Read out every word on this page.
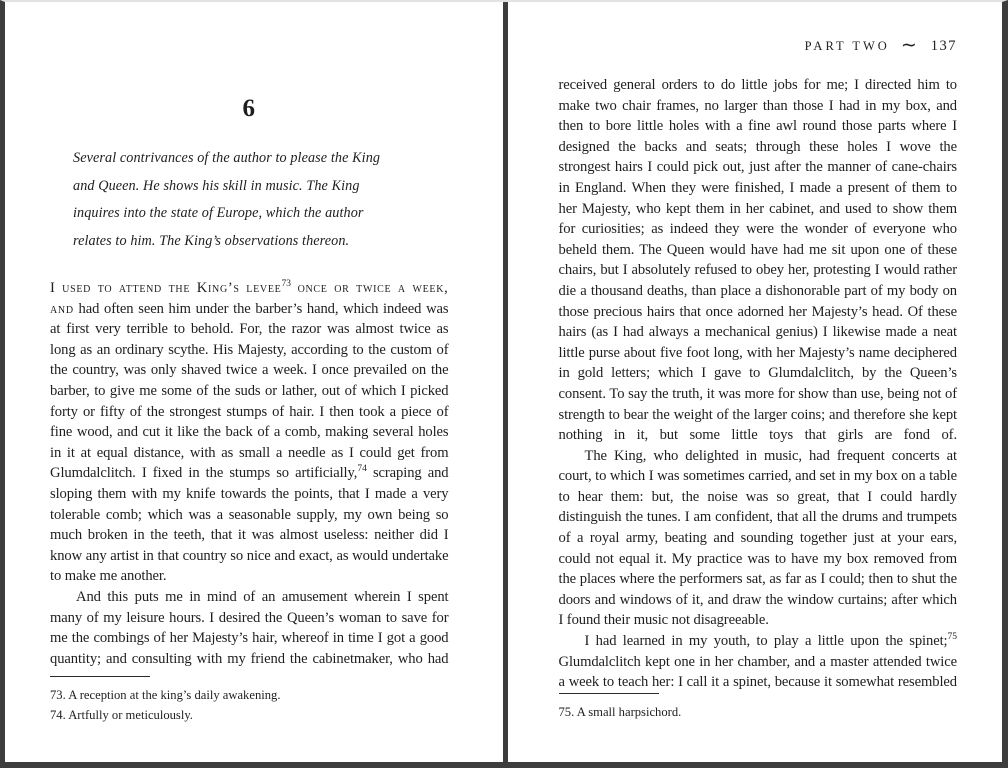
6
Several contrivances of the author to please the King and Queen. He shows his skill in music. The King inquires into the state of Europe, which the author relates to him. The King’s observations thereon.

I used to attend the King’s levee$^{73}$ once or twice a week, and had often seen him under the barber’s hand, which indeed was at first very terrible to behold. For, the razor was almost twice as long as an ordinary scythe. His Majesty, according to the custom of the country, was only shaved twice a week. I once prevailed on the barber, to give me some of the suds or lather, out of which I picked forty or fifty of the strongest stumps of hair. I then took a piece of fine wood, and cut it like the back of a comb, making several holes in it at equal distance, with as small a needle as I could get from Glumdalclitch. I fixed in the stumps so artificially,$^{74}$ scraping and sloping them with my knife towards the points, that I made a very tolerable comb; which was a seasonable supply, my own being so much broken in the teeth, that it was almost useless: neither did I know any artist in that country so nice and exact, as would undertake to make me another.

And this puts me in mind of an amusement wherein I spent many of my leisure hours. I desired the Queen’s woman to save for me the combings of her Majesty’s hair, whereof in time I got a good quantity; and consulting with my friend the cabinetmaker, who had

73. A reception at the king’s daily awakening.
74. Artfully or meticulously.
PART TWO ∼ 137

received general orders to do little jobs for me; I directed him to make two chair frames, no larger than those I had in my box, and then to bore little holes with a fine awl round those parts where I designed the backs and seats; through these holes I wove the strongest hairs I could pick out, just after the manner of cane-chairs in England. When they were finished, I made a present of them to her Majesty, who kept them in her cabinet, and used to show them for curiosities; as indeed they were the wonder of everyone who beheld them. The Queen would have had me sit upon one of these chairs, but I absolutely refused to obey her, protesting I would rather die a thousand deaths, than place a dishonorable part of my body on those precious hairs that once adorned her Majesty’s head. Of these hairs (as I had always a mechanical genius) I likewise made a neat little purse about five foot long, with her Majesty’s name deciphered in gold letters; which I gave to Glumdalclitch, by the Queen’s consent. To say the truth, it was more for show than use, being not of strength to bear the weight of the larger coins; and therefore she kept nothing in it, but some little toys that girls are fond of.

The King, who delighted in music, had frequent concerts at court, to which I was sometimes carried, and set in my box on a table to hear them: but, the noise was so great, that I could hardly distinguish the tunes. I am confident, that all the drums and trumpets of a royal army, beating and sounding together just at your ears, could not equal it. My practice was to have my box removed from the places where the performers sat, as far as I could; then to shut the doors and windows of it, and draw the window curtains; after which I found their music not disagreeable.

I had learned in my youth, to play a little upon the spinet;$^{75}$ Glumdalclitch kept one in her chamber, and a master attended twice a week to teach her: I call it a spinet, because it somewhat resembled

75. A small harpsichord.
